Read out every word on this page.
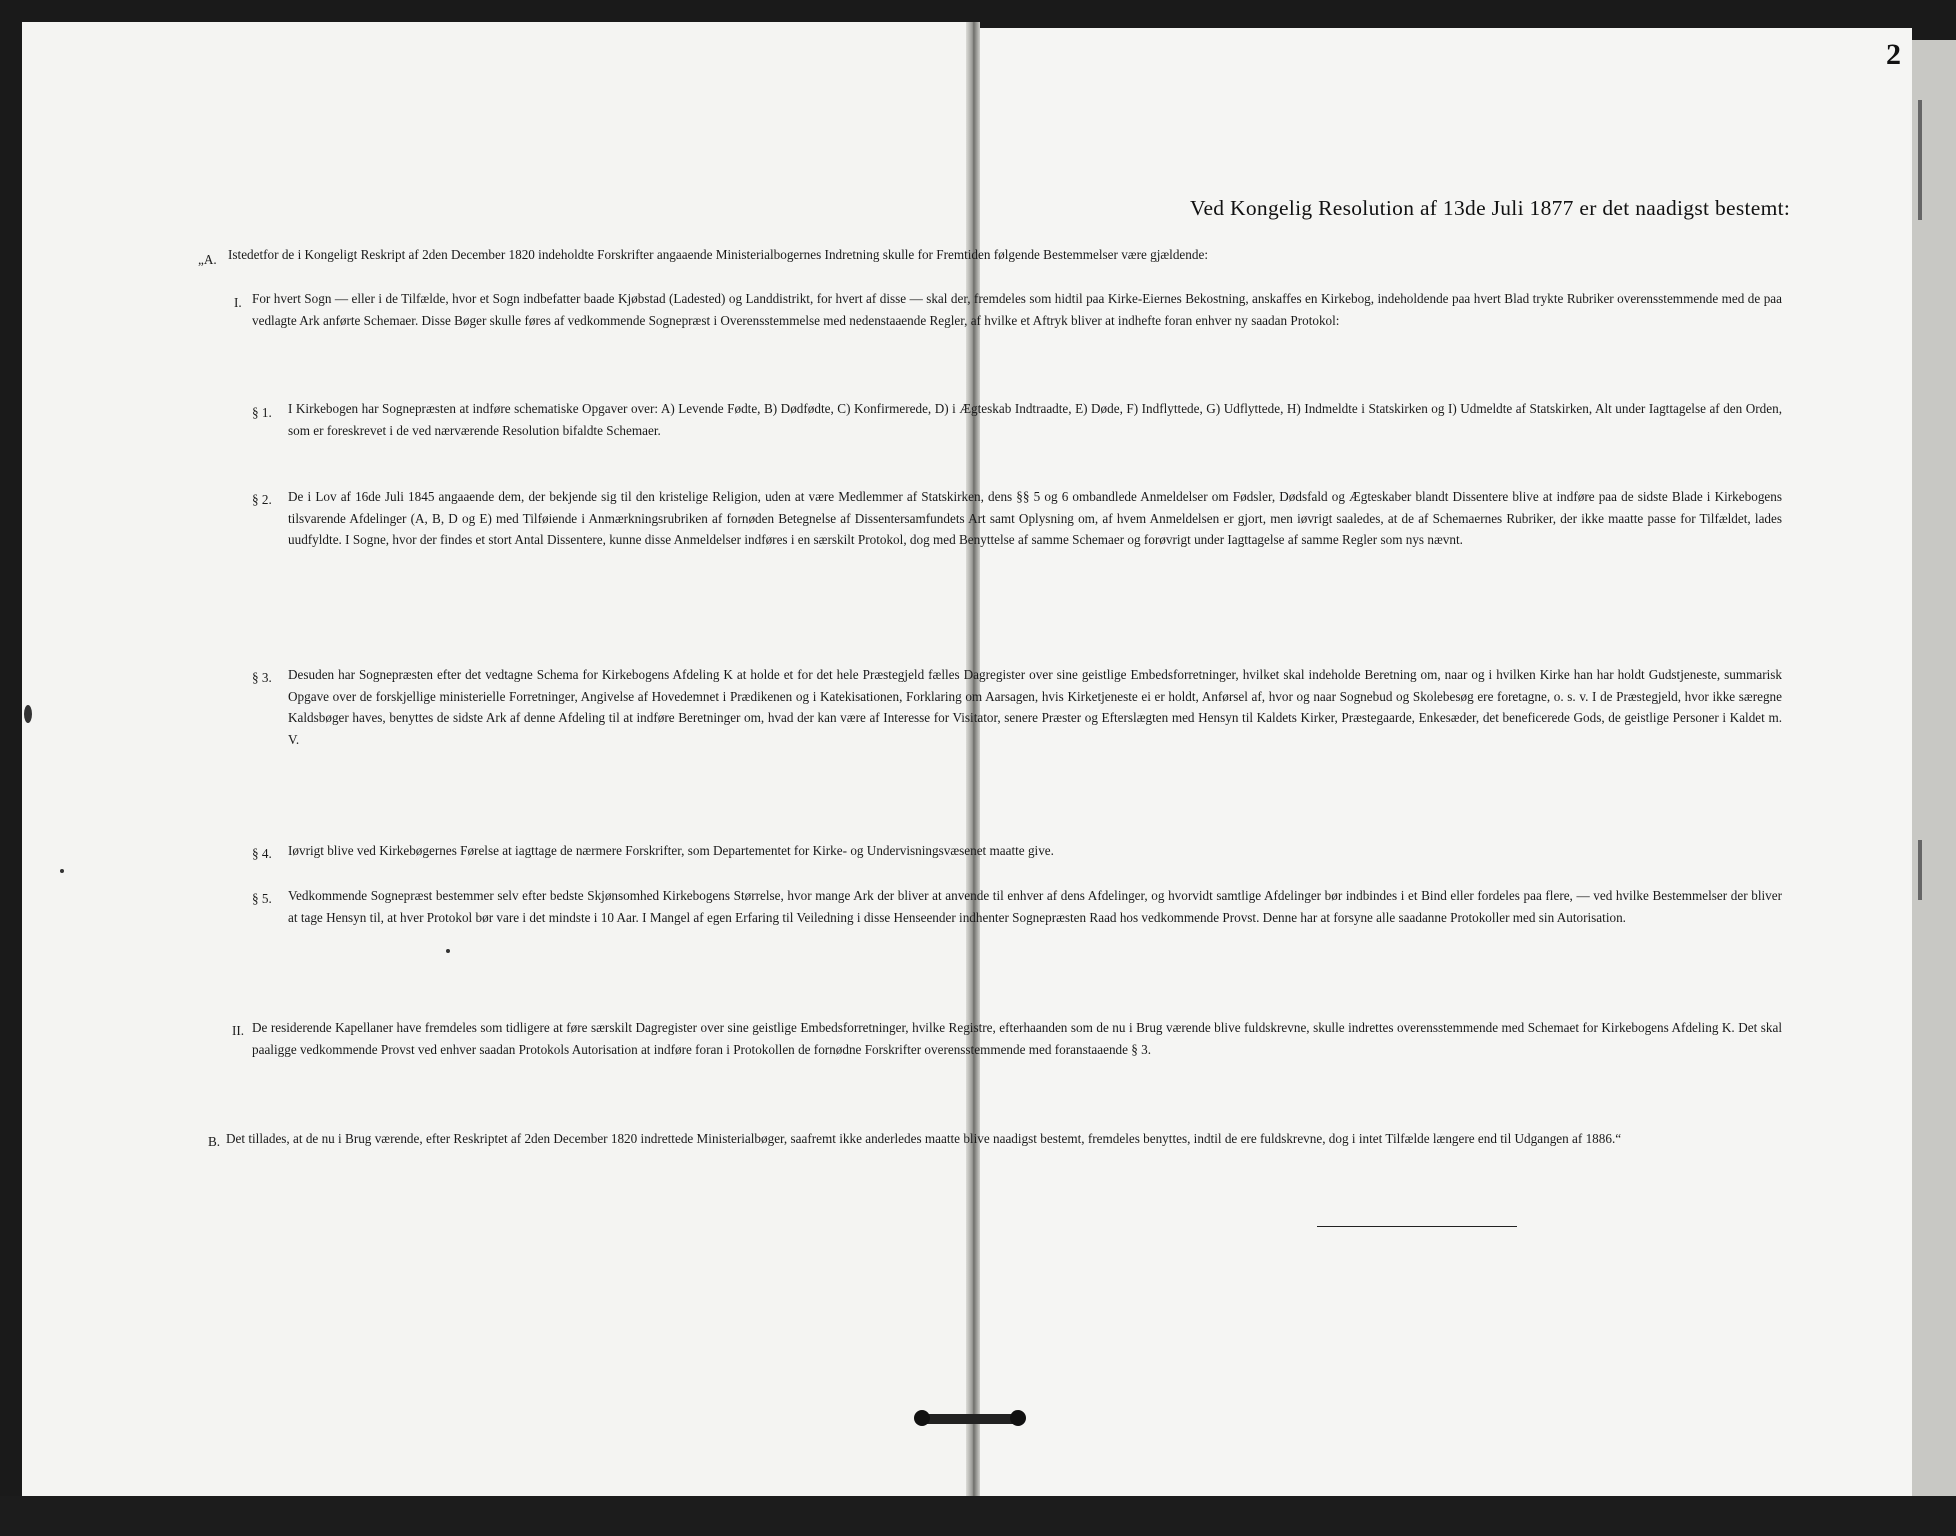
2
Ved Kongelig Resolution af 13de Juli 1877 er det naadigst bestemt:
„A. Istedetfor de i Kongeligt Reskript af 2den December 1820 indeholdte Forskrifter angaaende Ministerialbogernes Indretning skulle for Fremtiden følgende Bestemmelser være gjældende:
I. For hvert Sogn — eller i de Tilfælde, hvor et Sogn indbefatter baade Kjøbstad (Ladested) og Landdistrikt, for hvert af disse — skal der, fremdeles som hidtil paa Kirke-Eiernes Bekostning, anskaffes en Kirkebog, indeholdende paa hvert Blad trykte Rubriker overensstemmende med de paa vedlagte Ark anførte Schemaer. Disse Bøger skulle føres af vedkommende Sognepræst i Overensstemmelse med nedenstaaende Regler, af hvilke et Aftryk bliver at indhefte foran enhver ny saadan Protokol:
§ 1. I Kirkebogen har Sognepræsten at indføre schematiske Opgaver over: A) Levende Fødte, B) Dødfødte, C) Konfirmerede, D) i Ægteskab Indtraadte, E) Døde, F) Indflyttede, G) Udflyttede, H) Indmeldte i Statskirken og I) Udmeldte af Statskirken, Alt under Iagttagelse af den Orden, som er foreskrevet i de ved nærværende Resolution bifaldte Schemaer.
§ 2. De i Lov af 16de Juli 1845 angaaende dem, der bekjende sig til den kristelige Religion, uden at være Medlemmer af Statskirken, dens §§ 5 og 6 ombandlede Anmeldelser om Fødsler, Dødsfald og Ægteskaber blandt Dissentere blive at indføre paa de sidste Blade i Kirkebogens tilsvarende Afdelinger (A, B, D og E) med Tilføiende i Anmærkningsrubriken af fornøden Betegnelse af Dissentersamfundets Art samt Oplysning om, af hvem Anmeldelsen er gjort, men iøvrigt saaledes, at de af Schemaernes Rubriker, der ikke maatte passe for Tilfældet, lades uudfyldte. I Sogne, hvor der findes et stort Antal Dissentere, kunne disse Anmeldelser indføres i en særskilt Protokol, dog med Benyttelse af samme Schemaer og forøvrigt under Iagttagelse af samme Regler som nys nævnt.
§ 3. Desuden har Sognepræsten efter det vedtagne Schema for Kirkebogens Afdeling K at holde et for det hele Præstegjeld fælles Dagregister over sine geistlige Embedsforretninger, hvilket skal indeholde Beretning om, naar og i hvilken Kirke han har holdt Gudstjeneste, summarisk Opgave over de forskjellige ministerielle Forretninger, Angivelse af Hovedemnet i Prædikenen og i Katekisationen, Forklaring om Aarsagen, hvis Kirketjeneste ei er holdt, Anførsel af, hvor og naar Sognebud og Skolebesøg ere foretagne, o. s. v. I de Præstegjeld, hvor ikke særegne Kaldsbøger haves, benyttes de sidste Ark af denne Afdeling til at indføre Beretninger om, hvad der kan være af Interesse for Visitator, senere Præster og Efterslægten med Hensyn til Kaldets Kirker, Præstegaarde, Enkesæder, det beneficerede Gods, de geistlige Personer i Kaldet m. V.
§ 4. Iøvrigt blive ved Kirkebøgernes Førelse at iagttage de nærmere Forskrifter, som Departementet for Kirke- og Undervisningsvæsenet maatte give.
§ 5. Vedkommende Sognepræst bestemmer selv efter bedste Skjønsomhed Kirkebogens Størrelse, hvor mange Ark der bliver at anvende til enhver af dens Afdelinger, og hvorvidt samtlige Afdelinger bør indbindes i et Bind eller fordeles paa flere, — ved hvilke Bestemmelser der bliver at tage Hensyn til, at hver Protokol bør vare i det mindste i 10 Aar. I Mangel af egen Erfaring til Veiledning i disse Henseender indhenter Sognepræsten Raad hos vedkommende Provst. Denne har at forsyne alle saadanne Protokoller med sin Autorisation.
II. De residerende Kapellaner have fremdeles som tidligere at føre særskilt Dagregister over sine geistlige Embedsforretninger, hvilke Registre, efterhaanden som de nu i Brug værende blive fuldskrevne, skulle indrettes overensstemmende med Schemaet for Kirkebogens Afdeling K. Det skal paaligge vedkommende Provst ved enhver saadan Protokols Autorisation at indføre foran i Protokollen de fornødne Forskrifter overensstemmende med foranstaaende § 3.
B. Det tillades, at de nu i Brug værende, efter Reskriptet af 2den December 1820 indrettede Ministerialbøger, saafremt ikke anderledes maatte blive naadigst bestemt, fremdeles benyttes, indtil de ere fuldskrevne, dog i intet Tilfælde længere end til Udgangen af 1886.“
